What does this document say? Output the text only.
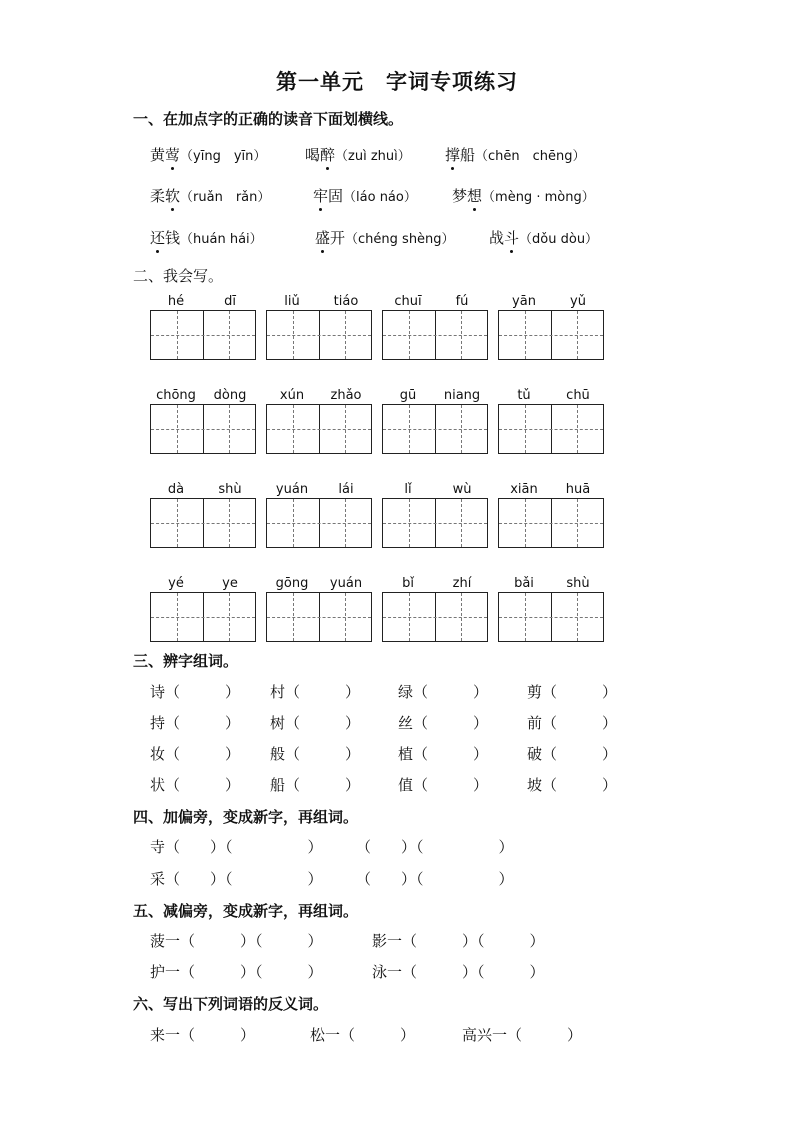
第一单元　字词专项练习
一、在加点字的正确的读音下面划横线。
黄莺（yīng　yīn）	喝醉（zuì zhuì） 撑船（chēn　chēng）
柔软（ruǎn　rǎn）	牢固（láo náo） 梦想（mèng · mòng）
还钱（huán hái）	盛开（chéng shèng） 战斗（dǒu dòu）
二、我会写。
hé	dī	liǔ	tiáo	chuī	fú	yān	yǔ
chōng	dòng	xún	zhǎo	gū	niang	tǔ	chū
dà	shù	yuán	lái	lǐ	wù	xiān	huā
yé	ye	gōng	yuán	bǐ	zhí	bǎi	shù
三、辨字组词。
诗（　　　） 村（　　　）	绿（　　　）	剪（　　　）
持（　　　） 树（　　　）	丝（　　　）	前（　　　）
妆（　　　） 般（　　　）	植（　　　）	破（　　　）
状（　　　） 船（　　　）	值（　　　）	坡（　　　）
四、加偏旁，变成新字，再组词。
寺（　　）（　　　　　） （　　）（　　　　　）
采（　　）（　　　　　） （　　）（　　　　　）
五、减偏旁，变成新字，再组词。
菠一（　　　）（　　　）	影一（　　　）（　　　）
护一（　　　）（　　　）	泳一（　　　）（　　　）
六、写出下列词语的反义词。
来一（　　　）	松一（　　　）	高兴一（　　　）
